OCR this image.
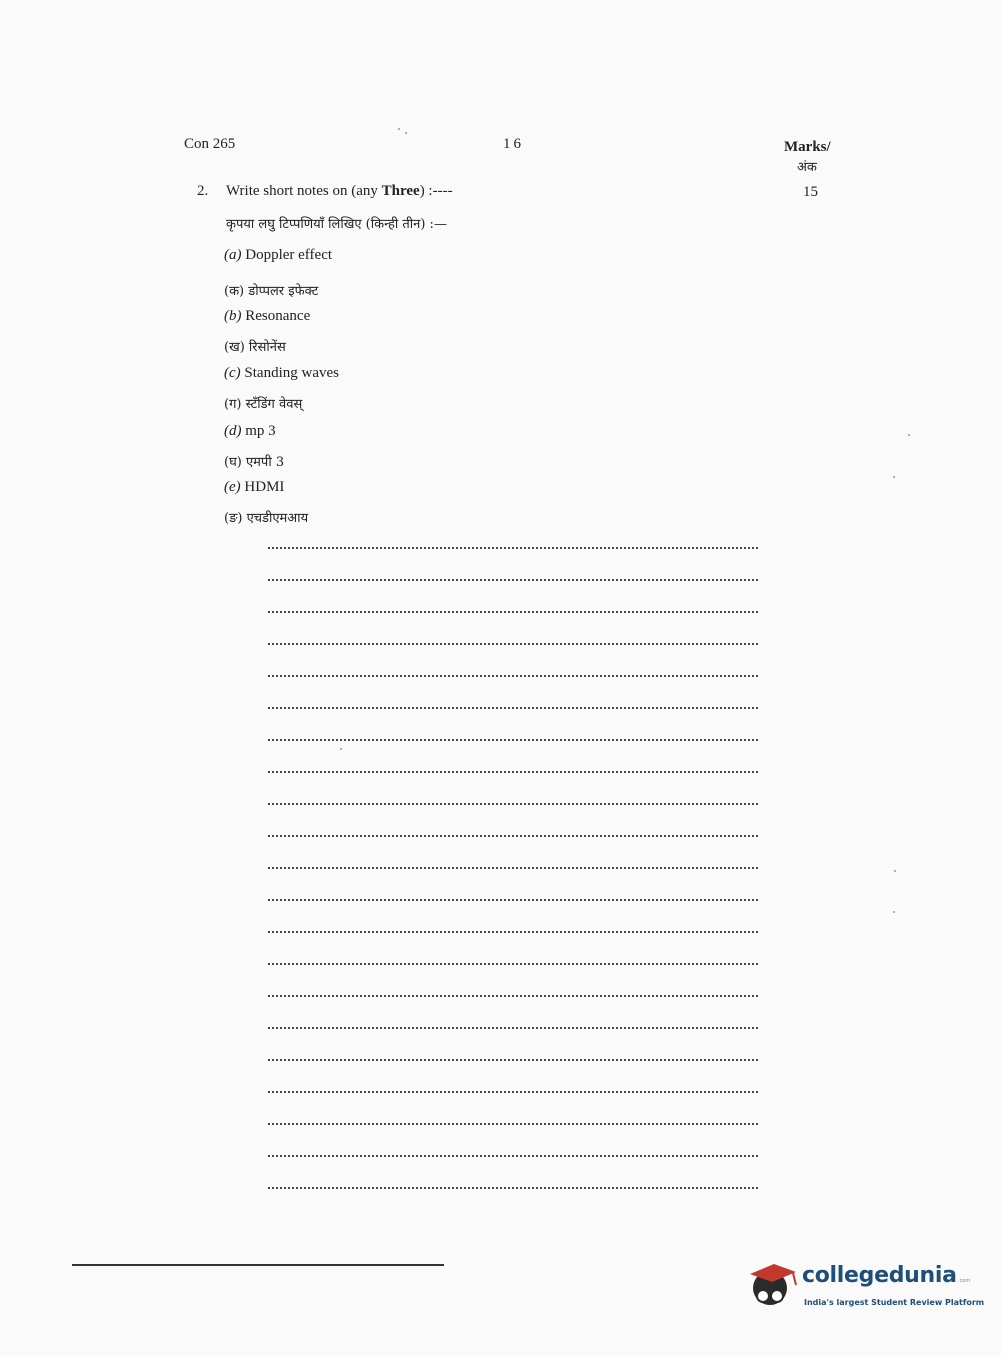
Con 265	16	Marks/
अंक
15
2. Write short notes on (any Three) :----
कृपया लघु टिप्पणियाँ लिखिए (किन्ही तीन) :—
(a) Doppler effect
(क) डोप्पलर इफेक्ट
(b) Resonance
(ख) रिसोनेंस
(c) Standing waves
(ग) स्टॅंडिंग वेवस्
(d) mp 3
(घ) एमपी 3
(e) HDMI
(ङ) एचडीएमआय
collegedunia .com
India's largest Student Review Platform
